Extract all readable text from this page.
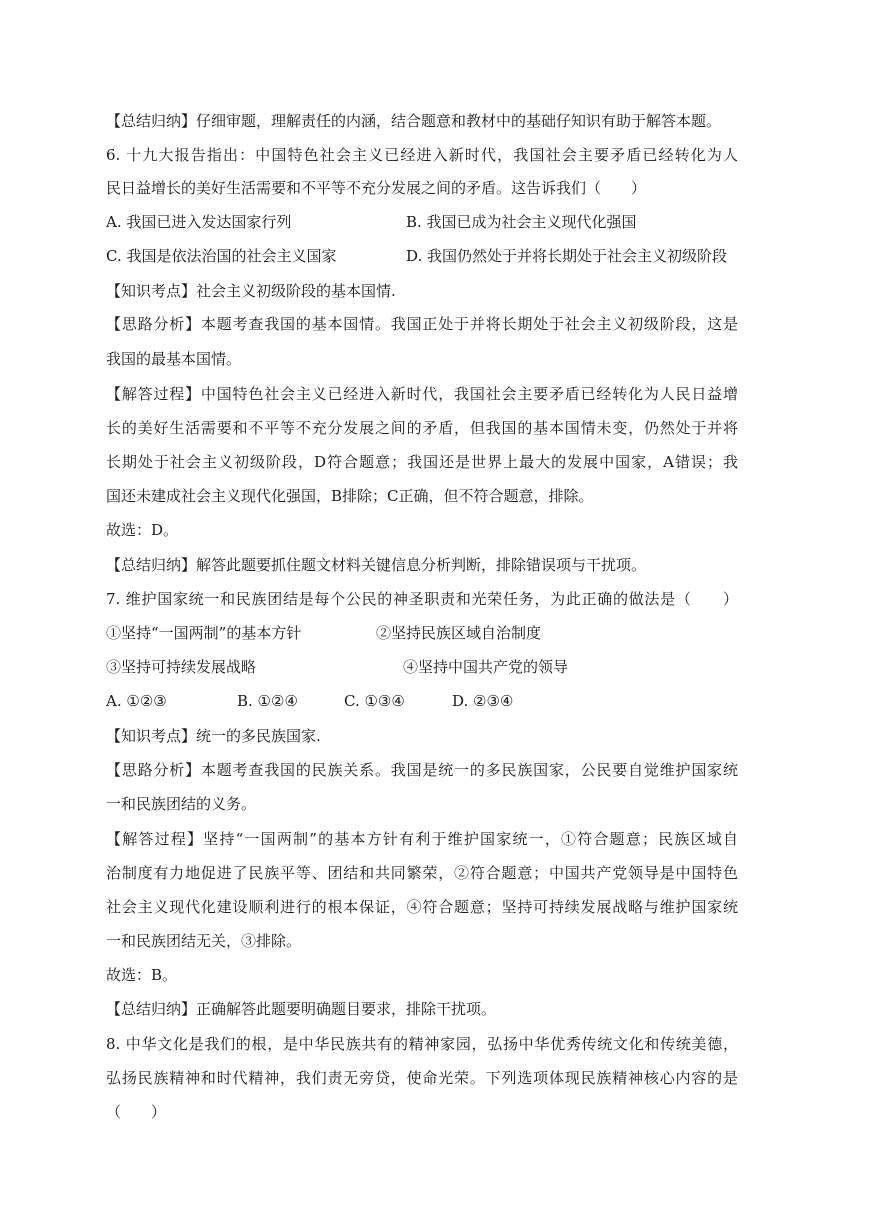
【总结归纳】仔细审题，理解责任的内涵，结合题意和教材中的基础仔知识有助于解答本题。
6. 十九大报告指出：中国特色社会主义已经进入新时代，我国社会主要矛盾已经转化为人
民日益增长的美好生活需要和不平等不充分发展之间的矛盾。这告诉我们（　　）
A. 我国已进入发达国家行列	B. 我国已成为社会主义现代化强国
C. 我国是依法治国的社会主义国家	D. 我国仍然处于并将长期处于社会主义初级阶段
【知识考点】社会主义初级阶段的基本国情.
【思路分析】本题考查我国的基本国情。我国正处于并将长期处于社会主义初级阶段，这是
我国的最基本国情。
【解答过程】中国特色社会主义已经进入新时代，我国社会主要矛盾已经转化为人民日益增
长的美好生活需要和不平等不充分发展之间的矛盾，但我国的基本国情未变，仍然处于并将
长期处于社会主义初级阶段，D符合题意；我国还是世界上最大的发展中国家，A错误；我
国还未建成社会主义现代化强国，B排除；C正确，但不符合题意，排除。
故选：D。
【总结归纳】解答此题要抓住题文材料关键信息分析判断，排除错误项与干扰项。
7. 维护国家统一和民族团结是每个公民的神圣职责和光荣任务，为此正确的做法是（　　）
①坚持“一国两制”的基本方针	②坚持民族区域自治制度
③坚持可持续发展战略	④坚持中国共产党的领导
A. ①②③	B. ①②④	C. ①③④	D. ②③④
【知识考点】统一的多民族国家.
【思路分析】本题考查我国的民族关系。我国是统一的多民族国家，公民要自觉维护国家统
一和民族团结的义务。
【解答过程】坚持“一国两制”的基本方针有利于维护国家统一，①符合题意；民族区域自
治制度有力地促进了民族平等、团结和共同繁荣，②符合题意；中国共产党领导是中国特色
社会主义现代化建设顺利进行的根本保证，④符合题意；坚持可持续发展战略与维护国家统
一和民族团结无关，③排除。
故选：B。
【总结归纳】正确解答此题要明确题目要求，排除干扰项。
8. 中华文化是我们的根，是中华民族共有的精神家园，弘扬中华优秀传统文化和传统美德，
弘扬民族精神和时代精神，我们责无旁贷，使命光荣。下列选项体现民族精神核心内容的是
（　　）
